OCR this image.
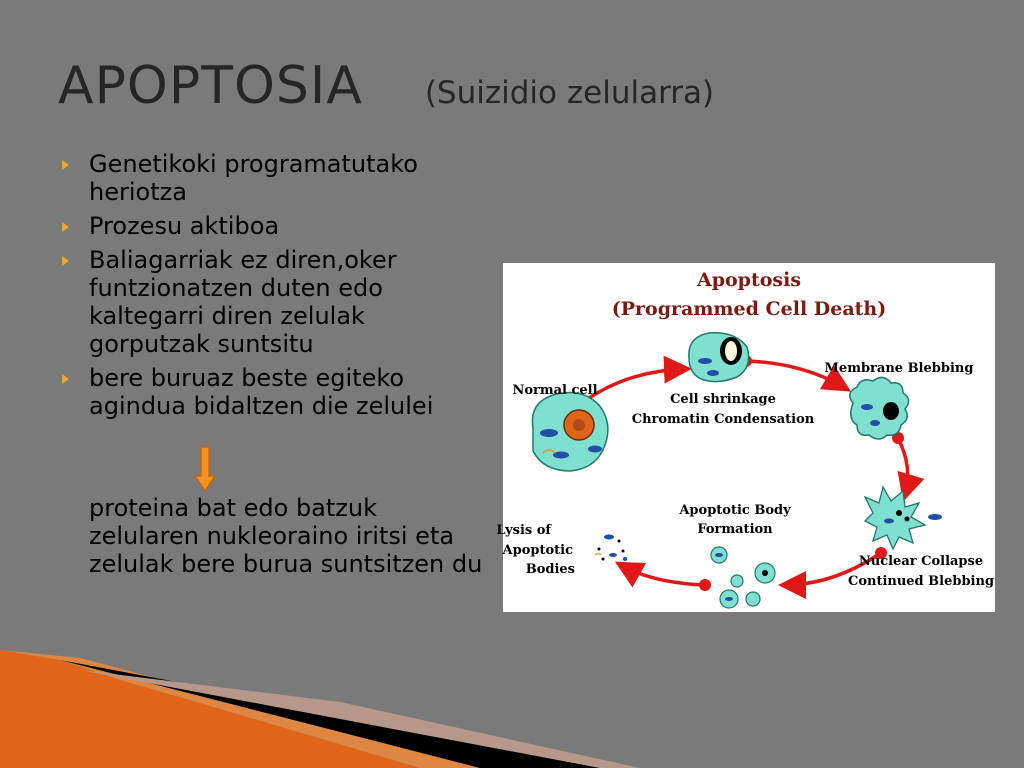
APOPTOSIA (Suizidio zelularra)
Genetikoki programatutako heriotza
Prozesu aktiboa
Baliagarriak ez diren,oker funtzionatzen duten edo kaltegarri diren zelulak gorputzak suntsitu
bere buruaz beste egiteko agindua bidaltzen die zelulei
proteina bat edo batzuk zelularen nukleoraino iritsi eta zelulak bere burua suntsitzen du
Apoptosis
(Programmed Cell Death)
Normal cell
Cell shrinkage
Chromatin Condensation
Membrane Blebbing
Nuclear Collapse
Continued Blebbing
Apoptotic Body
Formation
Lysis of
Apoptotic
Bodies
